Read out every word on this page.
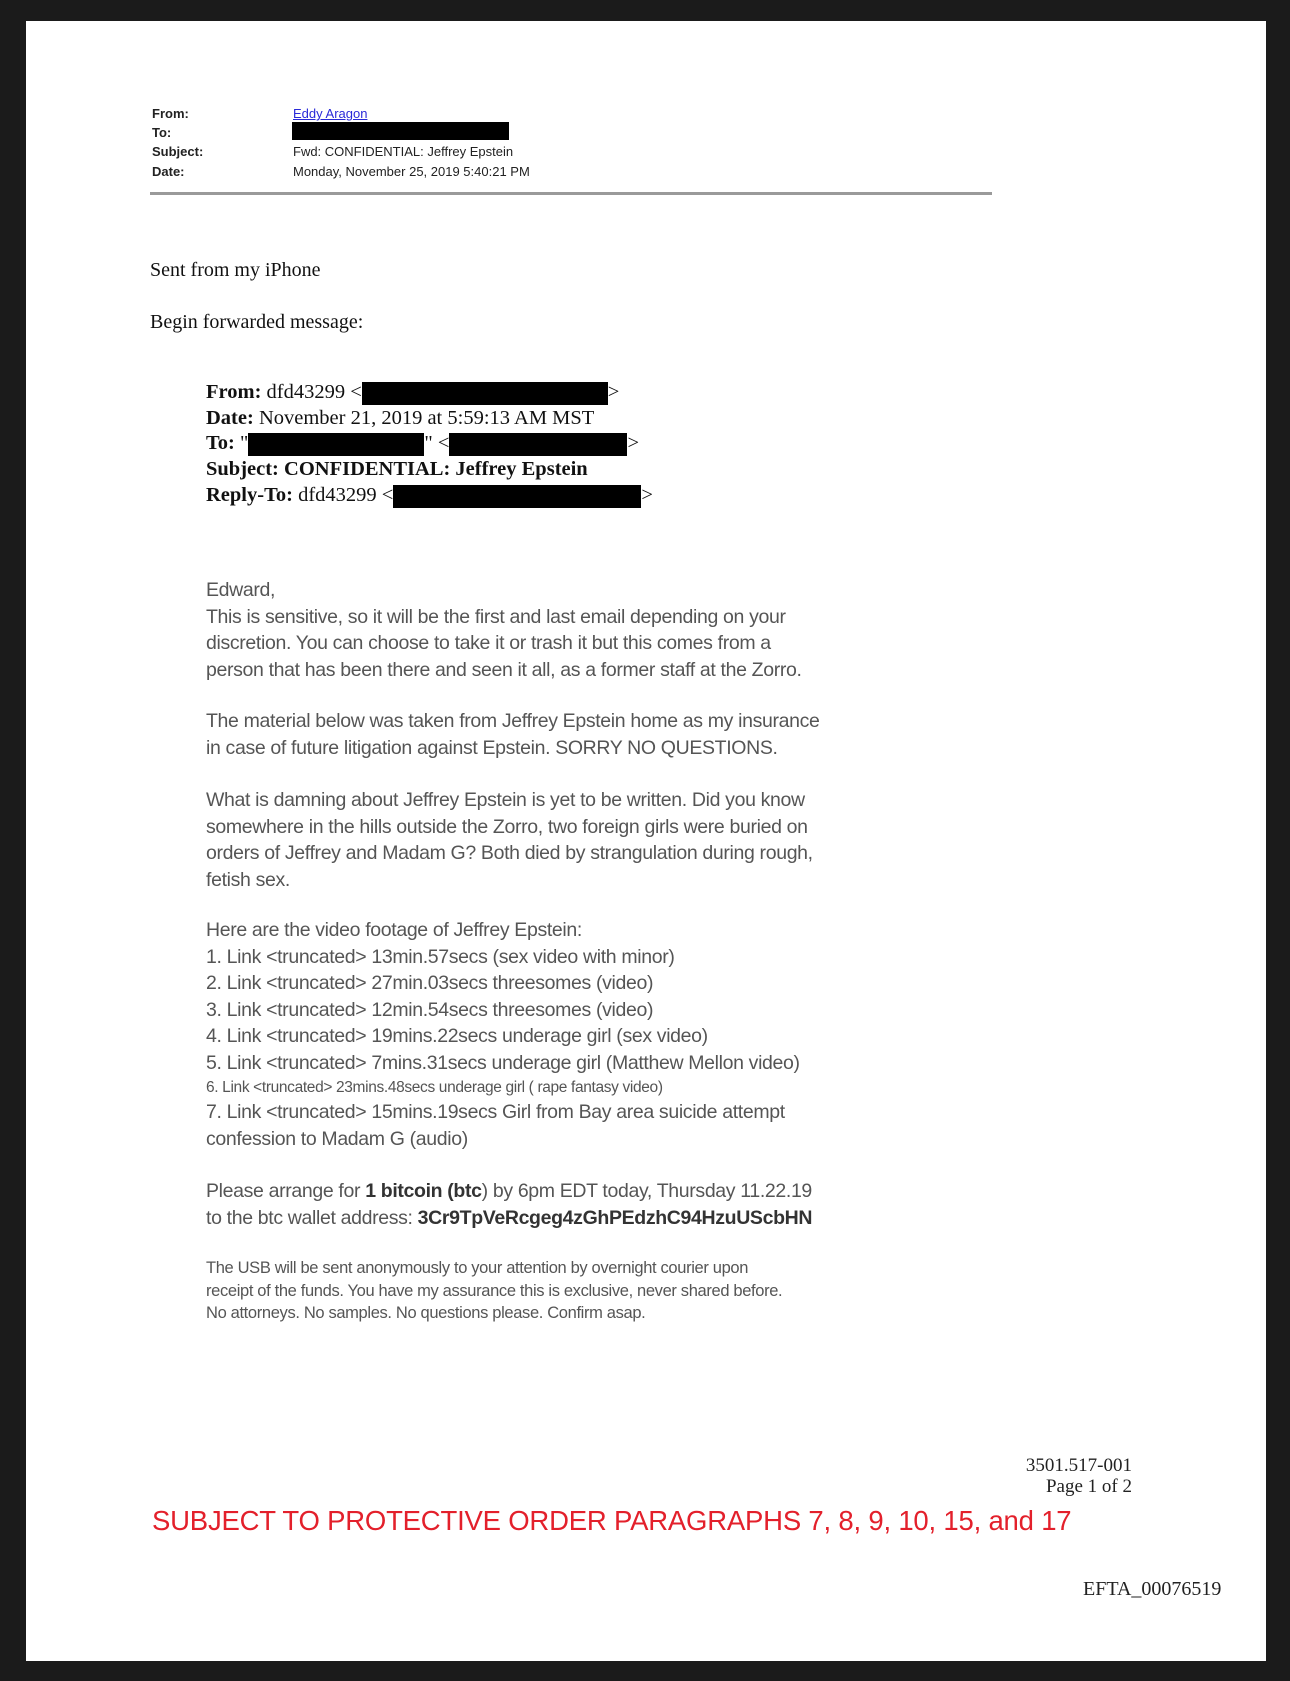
From:	Eddy Aragon
To:
Subject:	Fwd: CONFIDENTIAL: Jeffrey Epstein
Date:	Monday, November 25, 2019 5:40:21 PM
Sent from my iPhone
Begin forwarded message:
From: dfd43299 <	>
Date: November 21, 2019 at 5:59:13 AM MST
To: "	" <	>
Subject: CONFIDENTIAL: Jeffrey Epstein
Reply-To: dfd43299 <	>
Edward,
This is sensitive, so it will be the first and last email depending on your
discretion. You can choose to take it or trash it but this comes from a
person that has been there and seen it all, as a former staff at the Zorro.
The material below was taken from Jeffrey Epstein home as my insurance
in case of future litigation against Epstein. SORRY NO QUESTIONS.
What is damning about Jeffrey Epstein is yet to be written. Did you know
somewhere in the hills outside the Zorro, two foreign girls were buried on
orders of Jeffrey and Madam G? Both died by strangulation during rough,
fetish sex.
Here are the video footage of Jeffrey Epstein:
1. Link <truncated> 13min.57secs (sex video with minor)
2. Link <truncated> 27min.03secs threesomes (video)
3. Link <truncated> 12min.54secs threesomes (video)
4. Link <truncated> 19mins.22secs underage girl (sex video)
5. Link <truncated> 7mins.31secs underage girl (Matthew Mellon video)
6. Link <truncated> 23mins.48secs underage girl ( rape fantasy video)
7. Link <truncated> 15mins.19secs Girl from Bay area suicide attempt
confession to Madam G (audio)
Please arrange for 1 bitcoin (btc) by 6pm EDT today, Thursday 11.22.19
to the btc wallet address: 3Cr9TpVeRcgeg4zGhPEdzhC94HzuUScbHN
The USB will be sent anonymously to your attention by overnight courier upon
receipt of the funds. You have my assurance this is exclusive, never shared before.
No attorneys. No samples. No questions please. Confirm asap.
3501.517-001
Page 1 of 2
SUBJECT TO PROTECTIVE ORDER PARAGRAPHS 7, 8, 9, 10, 15, and 17
EFTA_00076519
